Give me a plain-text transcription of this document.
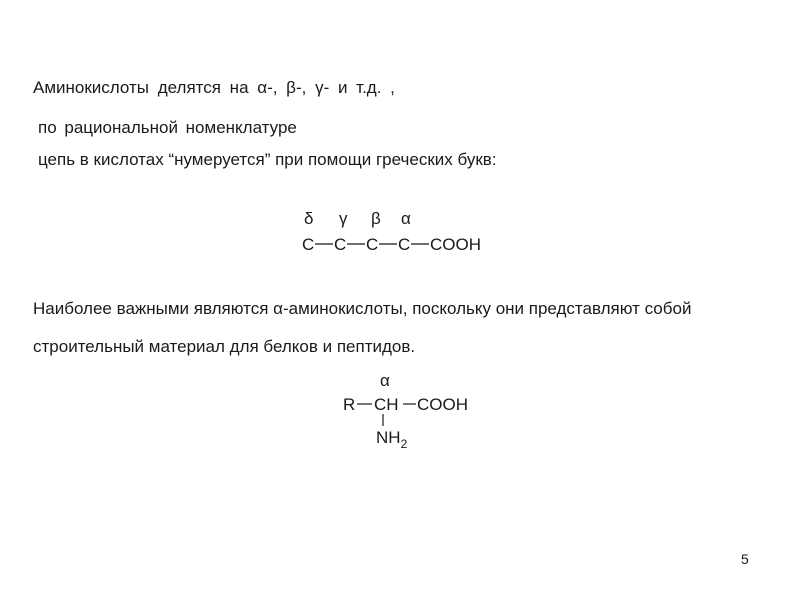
Аминокислоты делятся на α-, β-, γ- и т.д. ,
по рациональной номенклатуре
цепь в кислотах “нумеруется” при помощи греческих букв:
δ γ β α
C C C C COOH
Наиболее важными являются α-аминокислоты, поскольку они представляют собой
строительный материал для белков и пептидов.
α
R CH COOH
$NH_2$
5
